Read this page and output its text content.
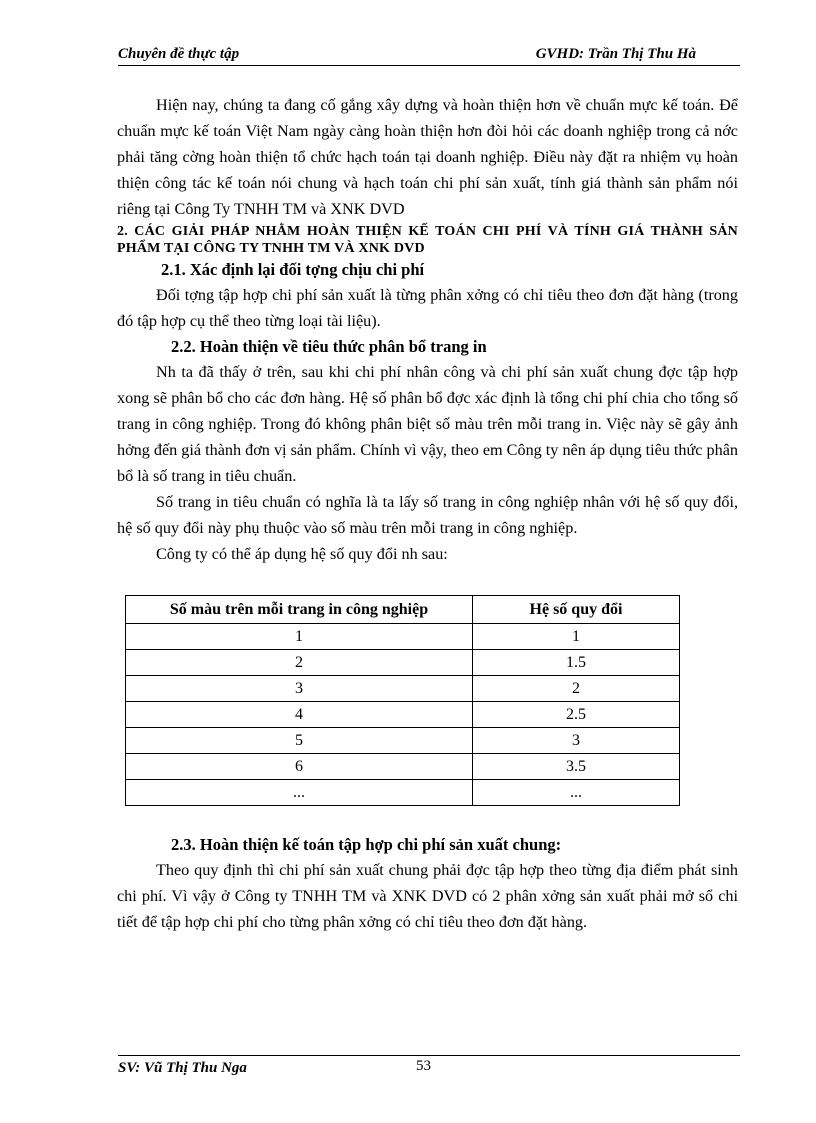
Chuyên đề thực tập	GVHD: Trần Thị Thu Hà

Hiện nay, chúng ta đang cố gắng xây dựng và hoàn thiện hơn về chuẩn mực kế toán. Để chuẩn mực kế toán Việt Nam ngày càng hoàn thiện hơn đòi hỏi các doanh nghiệp trong cả nớc phải tăng cờng hoàn thiện tổ chức hạch toán tại doanh nghiệp. Điều này đặt ra nhiệm vụ hoàn thiện công tác kế toán nói chung và hạch toán chi phí sản xuất, tính giá thành sản phẩm nói riêng tại Công Ty TNHH TM và XNK DVD

2. CÁC GIẢI PHÁP NHẰM HOÀN THIỆN KẾ TOÁN CHI PHÍ VÀ TÍNH GIÁ THÀNH SẢN PHẨM TẠI CÔNG TY TNHH TM VÀ XNK DVD
2.1. Xác định lại đối tợng chịu chi phí

Đối tợng tập hợp chi phí sản xuất là từng phân xởng có chỉ tiêu theo đơn đặt hàng (trong đó tập hợp cụ thể theo từng loại tài liệu).

2.2. Hoàn thiện về tiêu thức phân bổ trang in

Nh ta đã thấy ở trên, sau khi chi phí nhân công và chi phí sản xuất chung đợc tập hợp xong sẽ phân bổ cho các đơn hàng. Hệ số phân bổ đợc xác định là tổng chi phí chia cho tổng số trang in công nghiệp. Trong đó không phân biệt số màu trên mỗi trang in. Việc này sẽ gây ảnh hởng đến giá thành đơn vị sản phẩm. Chính vì vậy, theo em Công ty nên áp dụng tiêu thức phân bổ là số trang in tiêu chuẩn.

Số trang in tiêu chuẩn có nghĩa là ta lấy số trang in công nghiệp nhân với hệ số quy đổi, hệ số quy đổi này phụ thuộc vào số màu trên mỗi trang in công nghiệp.

Công ty có thể áp dụng hệ số quy đổi nh sau:

Số màu trên mỗi trang in công nghiệp	Hệ số quy đổi
1	1
2	1.5
3	2
4	2.5
5	3
6	3.5
...	...
2.3. Hoàn thiện kế toán tập hợp chi phí sản xuất chung:

Theo quy định thì chi phí sản xuất chung phải đợc tập hợp theo từng địa điểm phát sinh chi phí. Vì vậy ở Công ty TNHH TM và XNK DVD có 2 phân xởng sản xuất phải mở sổ chi tiết để tập hợp chi phí cho từng phân xởng có chỉ tiêu theo đơn đặt hàng.

SV: Vũ Thị Thu Nga	53
